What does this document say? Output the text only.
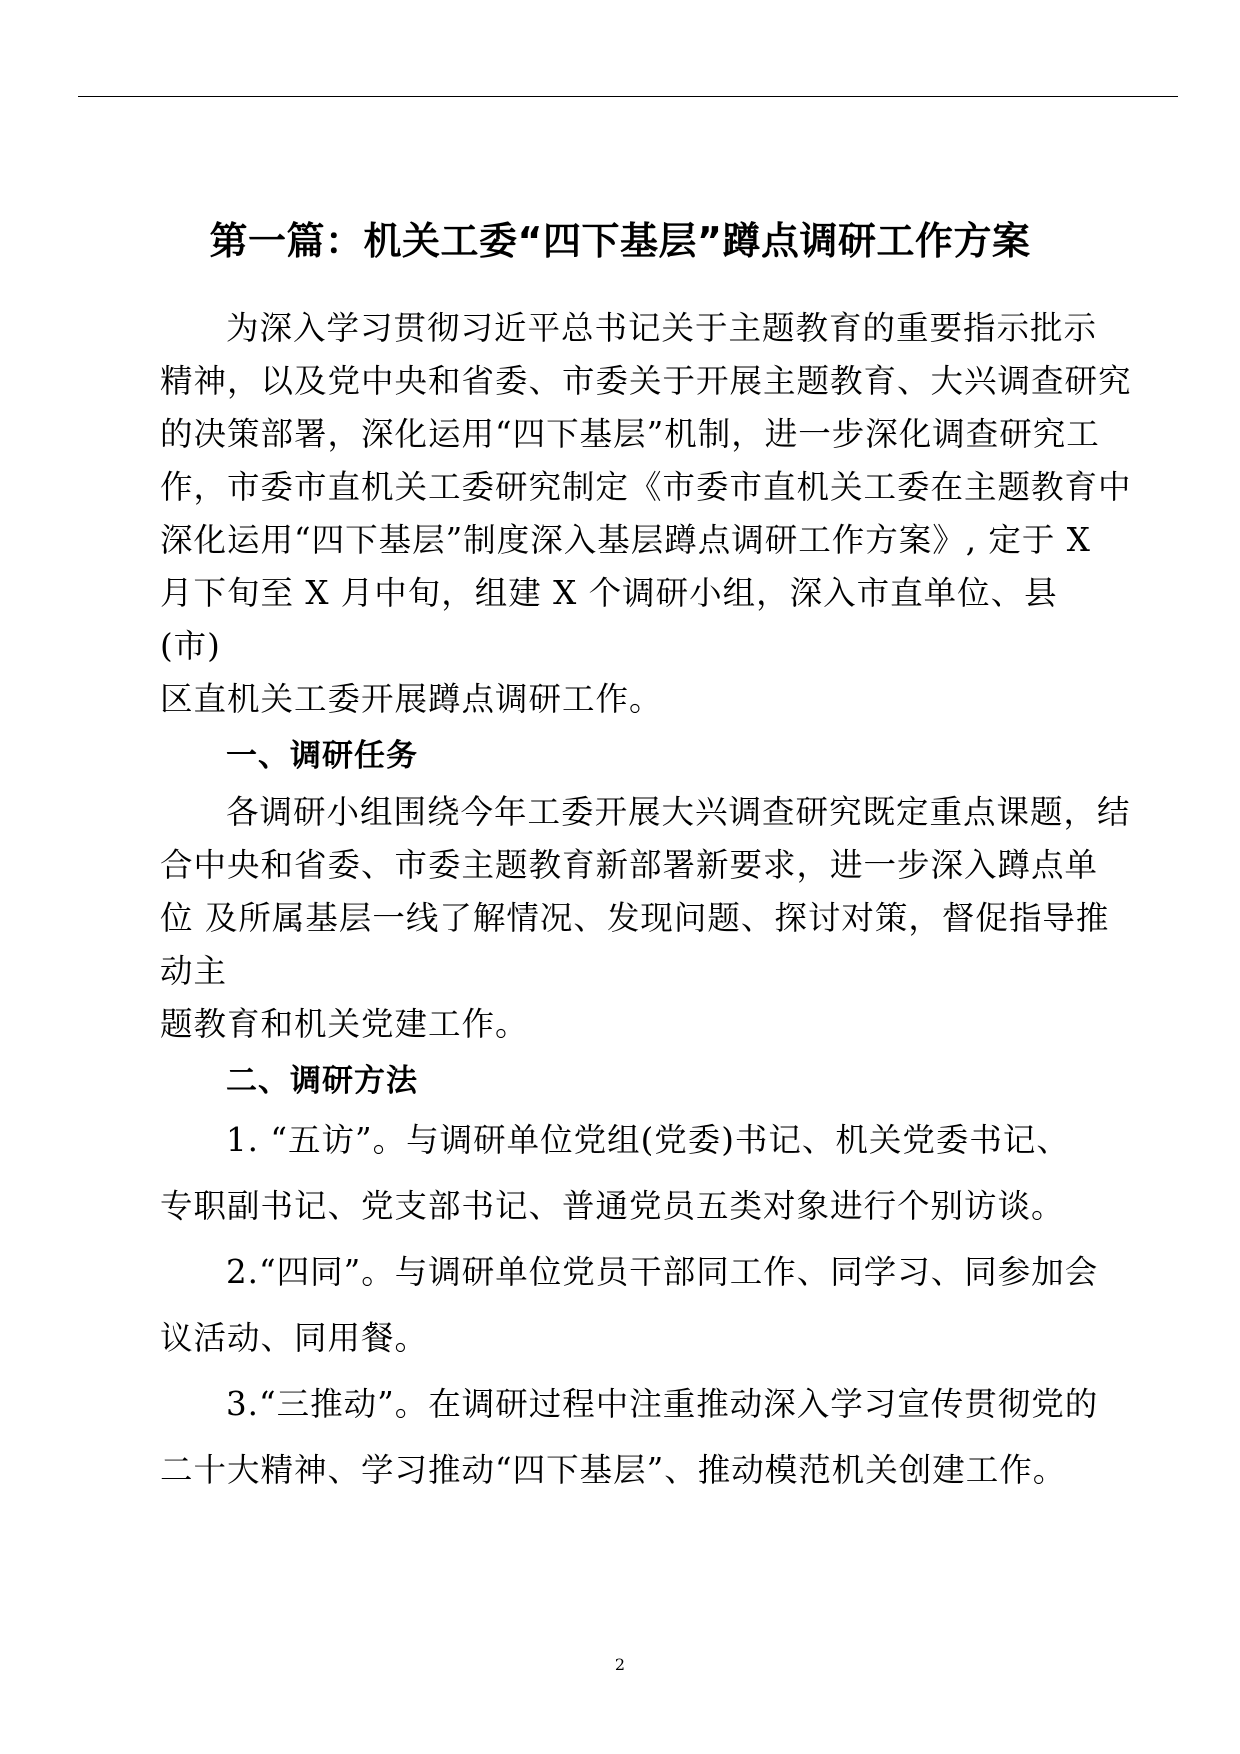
第一篇：机关工委“四下基层”蹲点调研工作方案
为深入学习贯彻习近平总书记关于主题教育的重要指示批示
精神，以及党中央和省委、市委关于开展主题教育、大兴调查研究
的决策部署，深化运用“四下基层”机制，进一步深化调查研究工
作，市委市直机关工委研究制定《市委市直机关工委在主题教育中
深化运用“四下基层”制度深入基层蹲点调研工作方案》, 定于 X
月下旬至 X 月中旬，组建 X 个调研小组，深入市直单位、县
(市)
区直机关工委开展蹲点调研工作。
一、调研任务
各调研小组围绕今年工委开展大兴调查研究既定重点课题，结
合中央和省委、市委主题教育新部署新要求，进一步深入蹲点单
位 及所属基层一线了解情况、发现问题、探讨对策，督促指导推
动主
题教育和机关党建工作。
二、调研方法
1. “五访”。与调研单位党组(党委)书记、机关党委书记、
专职副书记、党支部书记、普通党员五类对象进行个别访谈。
2.“四同”。与调研单位党员干部同工作、同学习、同参加会
议活动、同用餐。
3.“三推动”。在调研过程中注重推动深入学习宣传贯彻党的
二十大精神、学习推动“四下基层”、推动模范机关创建工作。
2
